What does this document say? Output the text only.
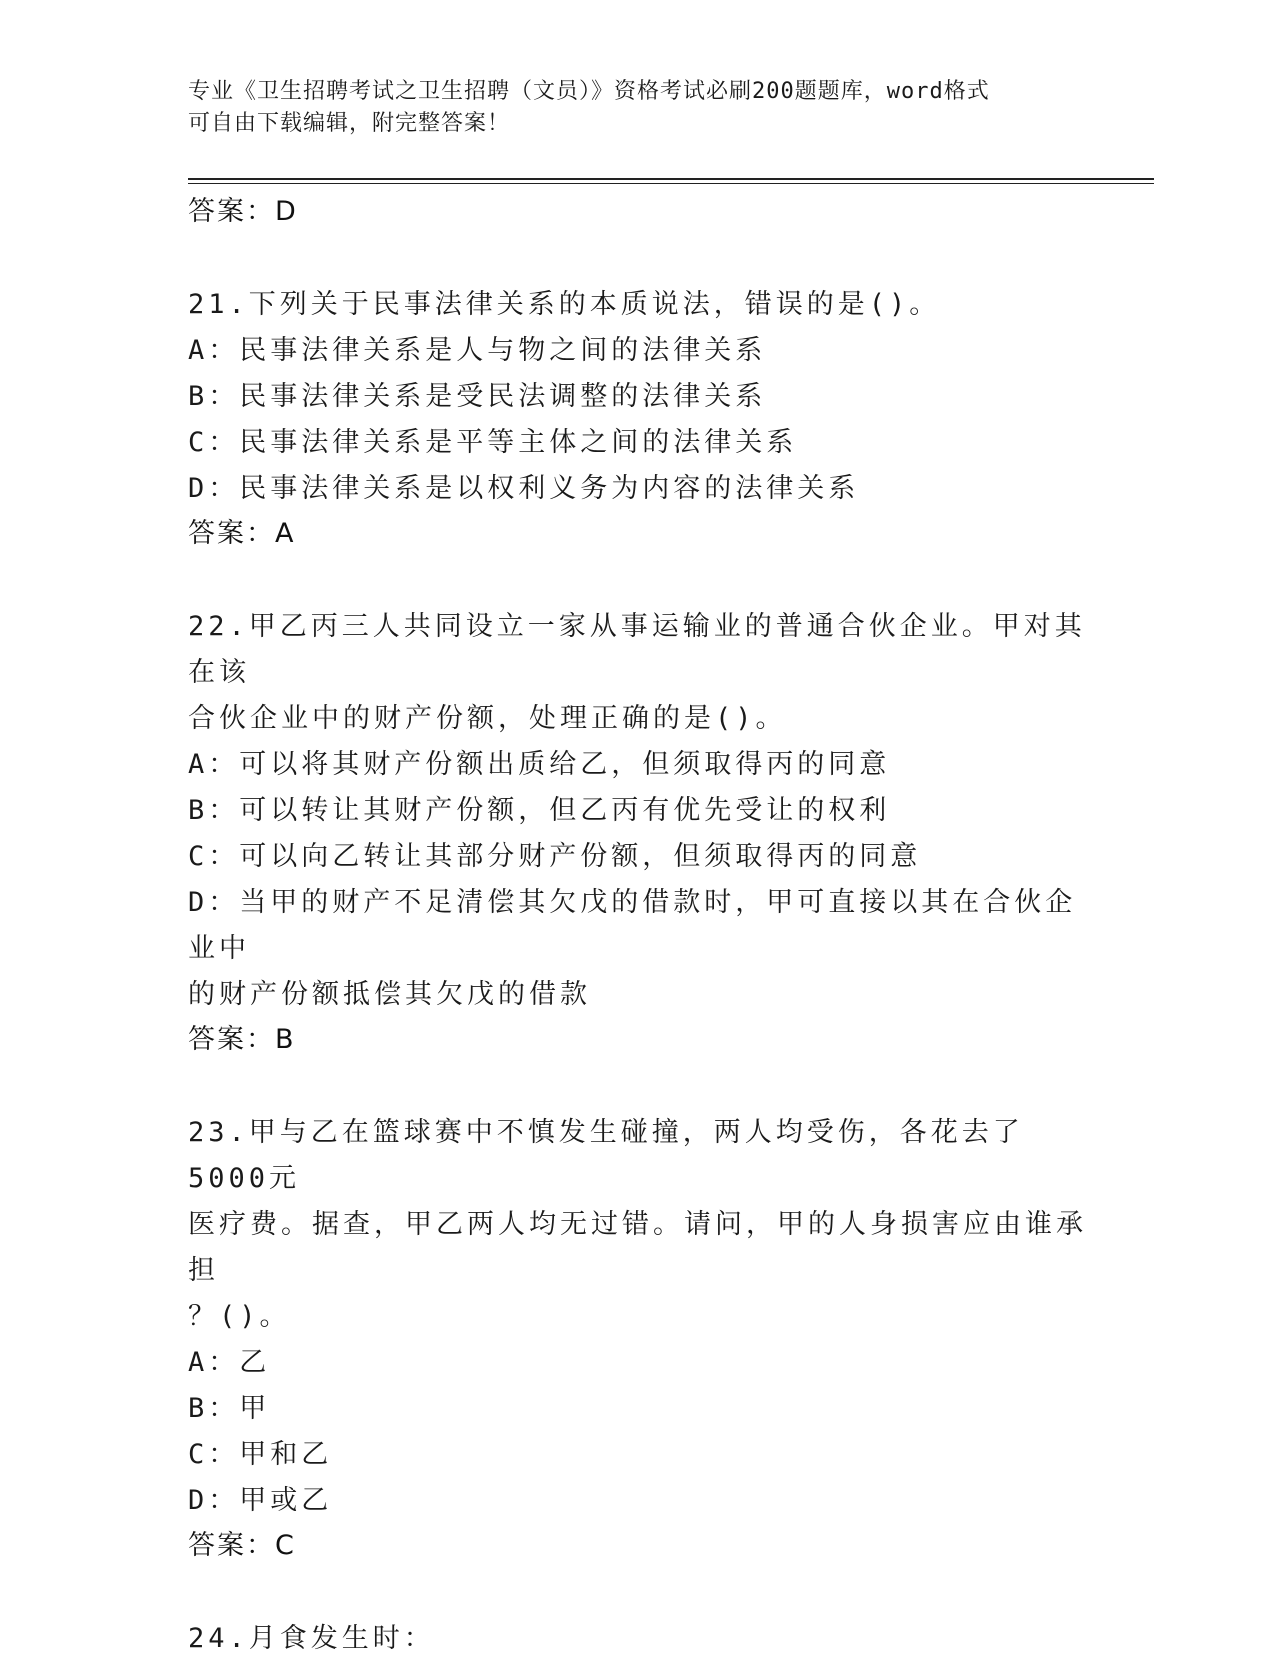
专业《卫生招聘考试之卫生招聘（文员）》资格考试必刷200题题库，word格式
可自由下载编辑，附完整答案！
答案：D
21.下列关于民事法律关系的本质说法，错误的是()。
A：民事法律关系是人与物之间的法律关系
B：民事法律关系是受民法调整的法律关系
C：民事法律关系是平等主体之间的法律关系
D：民事法律关系是以权利义务为内容的法律关系
答案：A
22.甲乙丙三人共同设立一家从事运输业的普通合伙企业。甲对其在该
合伙企业中的财产份额，处理正确的是()。
A：可以将其财产份额出质给乙，但须取得丙的同意
B：可以转让其财产份额，但乙丙有优先受让的权利
C：可以向乙转让其部分财产份额，但须取得丙的同意
D：当甲的财产不足清偿其欠戊的借款时，甲可直接以其在合伙企业中
的财产份额抵偿其欠戊的借款
答案：B
23.甲与乙在篮球赛中不慎发生碰撞，两人均受伤，各花去了5000元
医疗费。据查，甲乙两人均无过错。请问，甲的人身损害应由谁承担
？()。
A：乙
B：甲
C：甲和乙
D：甲或乙
答案：C
24.月食发生时：
